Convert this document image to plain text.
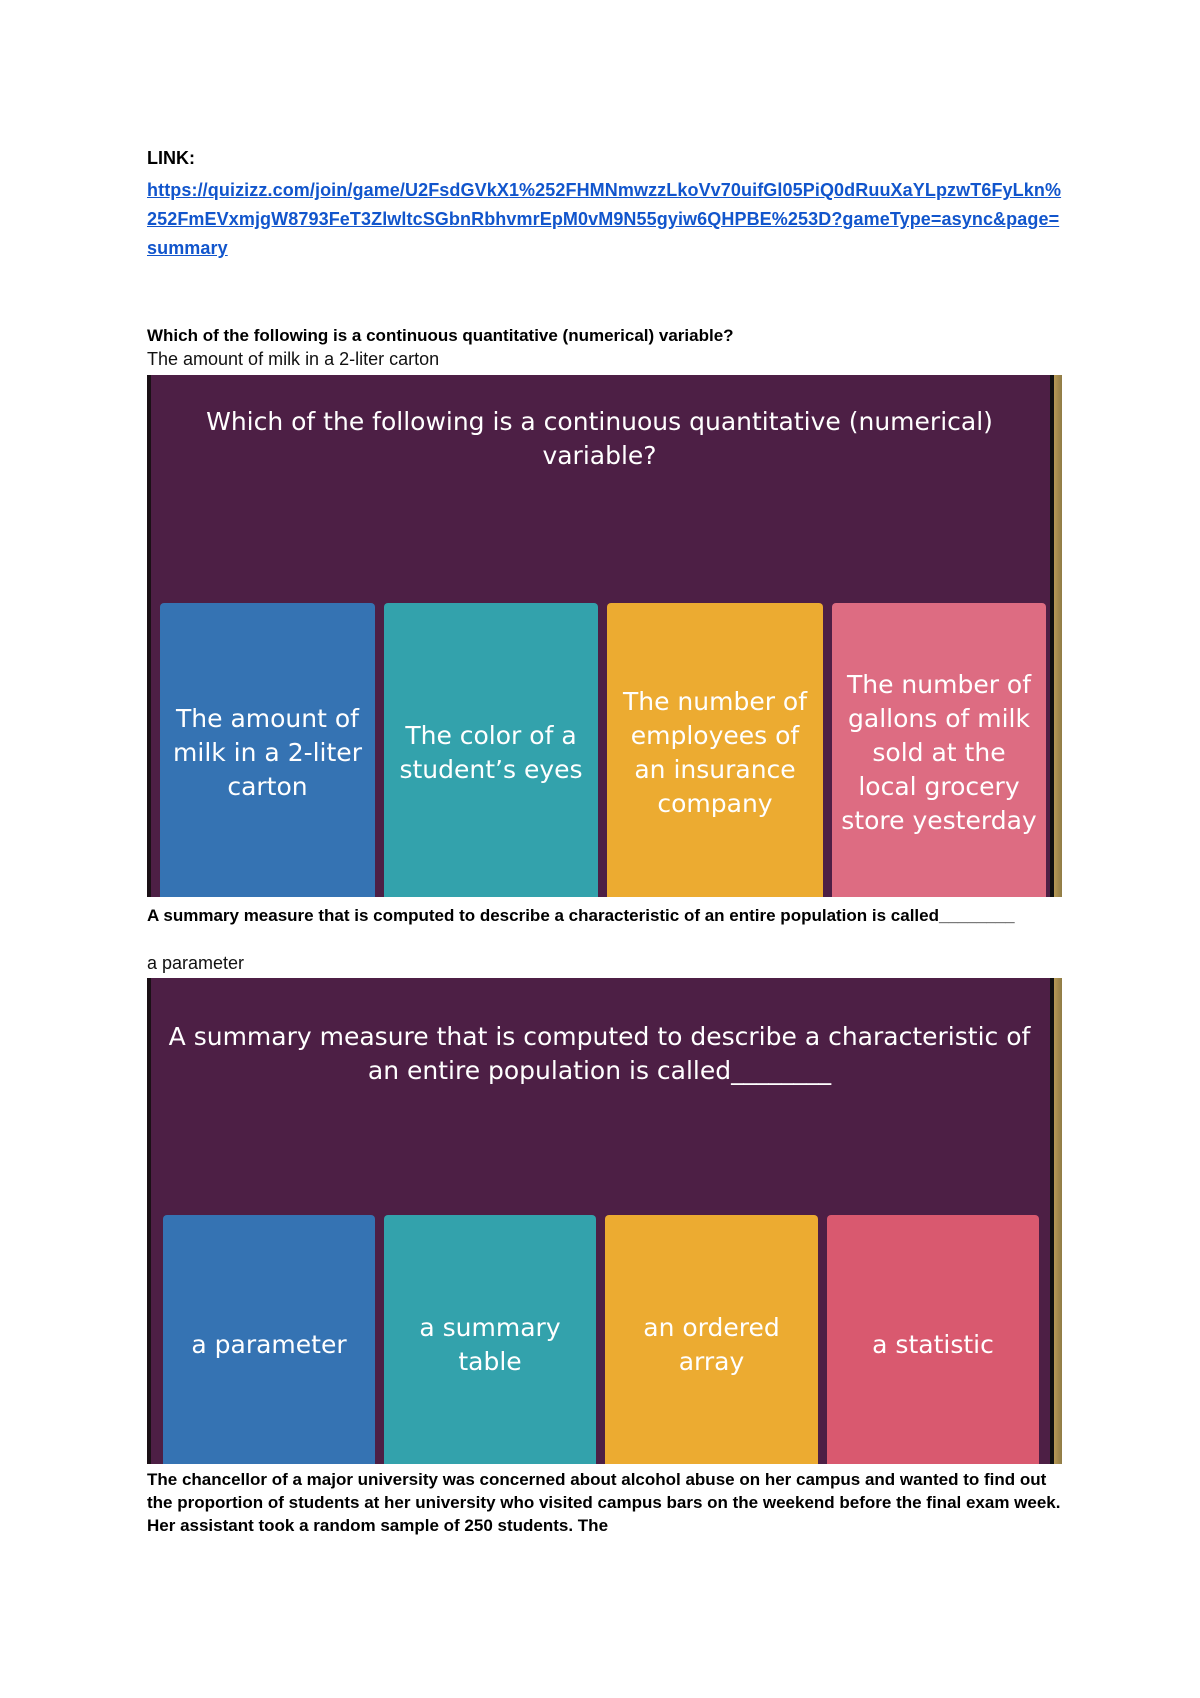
LINK:
https://quizizz.com/join/game/U2FsdGVkX1%252FHMNmwzzLkoVv70uifGl05PiQ0dRuuXaYLpzwT6FyLkn%252FmEVxmjgW8793FeT3ZlwltcSGbnRbhvmrEpM0vM9N55gyiw6QHPBE%253D?gameType=async&page=summary
Which of the following is a continuous quantitative (numerical) variable?
The amount of milk in a 2-liter carton
Which of the following is a continuous quantitative (numerical) variable?
The amount of milk in a 2-liter carton
The color of a student’s eyes
The number of employees of an insurance company
The number of gallons of milk sold at the local grocery store yesterday
A summary measure that is computed to describe a characteristic of an entire population is called________
a parameter
A summary measure that is computed to describe a characteristic of an entire population is called________
a parameter
a summary table
an ordered array
a statistic
The chancellor of a major university was concerned about alcohol abuse on her campus and wanted to find out the proportion of students at her university who visited campus bars on the weekend before the final exam week. Her assistant took a random sample of 250 students. The
